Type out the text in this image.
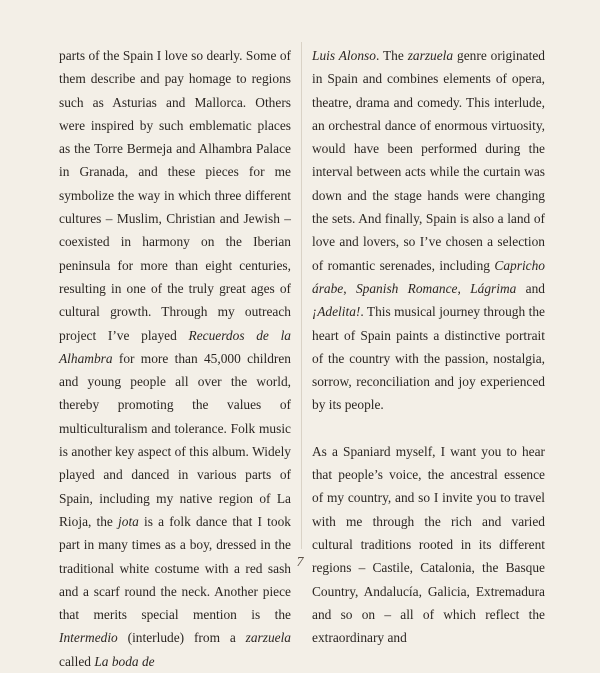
parts of the Spain I love so dearly. Some of them describe and pay homage to regions such as Asturias and Mallorca. Others were inspired by such emblematic places as the Torre Bermeja and Alhambra Palace in Granada, and these pieces for me symbolize the way in which three different cultures – Muslim, Christian and Jewish – coexisted in harmony on the Iberian peninsula for more than eight centuries, resulting in one of the truly great ages of cultural growth. Through my outreach project I’ve played Recuerdos de la Alhambra for more than 45,000 children and young people all over the world, thereby promoting the values of multiculturalism and tolerance. Folk music is another key aspect of this album. Widely played and danced in various parts of Spain, including my native region of La Rioja, the jota is a folk dance that I took part in many times as a boy, dressed in the traditional white costume with a red sash and a scarf round the neck. Another piece that merits special mention is the Intermedio (interlude) from a zarzuela called La boda de

Luis Alonso. The zarzuela genre originated in Spain and combines elements of opera, theatre, drama and comedy. This interlude, an orchestral dance of enormous virtuosity, would have been performed during the interval between acts while the curtain was down and the stage hands were changing the sets. And finally, Spain is also a land of love and lovers, so I’ve chosen a selection of romantic serenades, including Capricho árabe, Spanish Romance, Lágrima and ¡Adelita!. This musical journey through the heart of Spain paints a distinctive portrait of the country with the passion, nostalgia, sorrow, reconciliation and joy experienced by its people.

As a Spaniard myself, I want you to hear that people’s voice, the ancestral essence of my country, and so I invite you to travel with me through the rich and varied cultural traditions rooted in its different regions – Castile, Catalonia, the Basque Country, Andalucía, Galicia, Extremadura and so on – all of which reflect the extraordinary and

7
